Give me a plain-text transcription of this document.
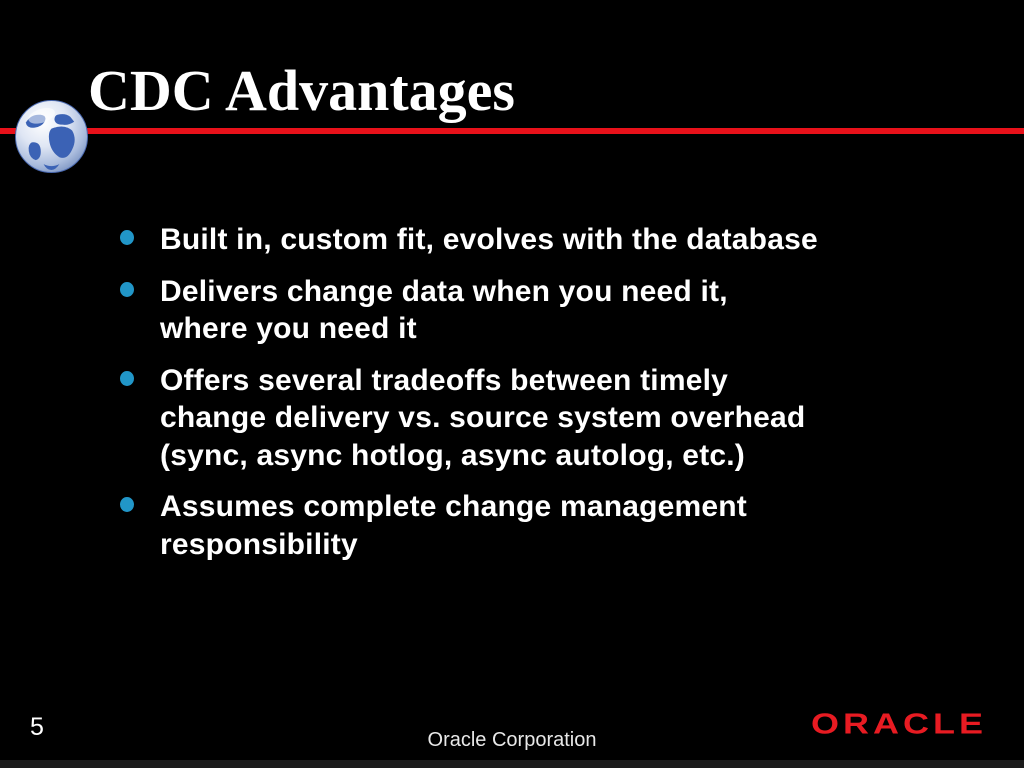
CDC Advantages
Built in, custom fit, evolves with the database
Delivers change data when you need it,
where you need it
Offers several tradeoffs between timely
change delivery vs. source system overhead
(sync, async hotlog, async autolog, etc.)
Assumes complete change management
responsibility
5	Oracle Corporation
ORACLE
